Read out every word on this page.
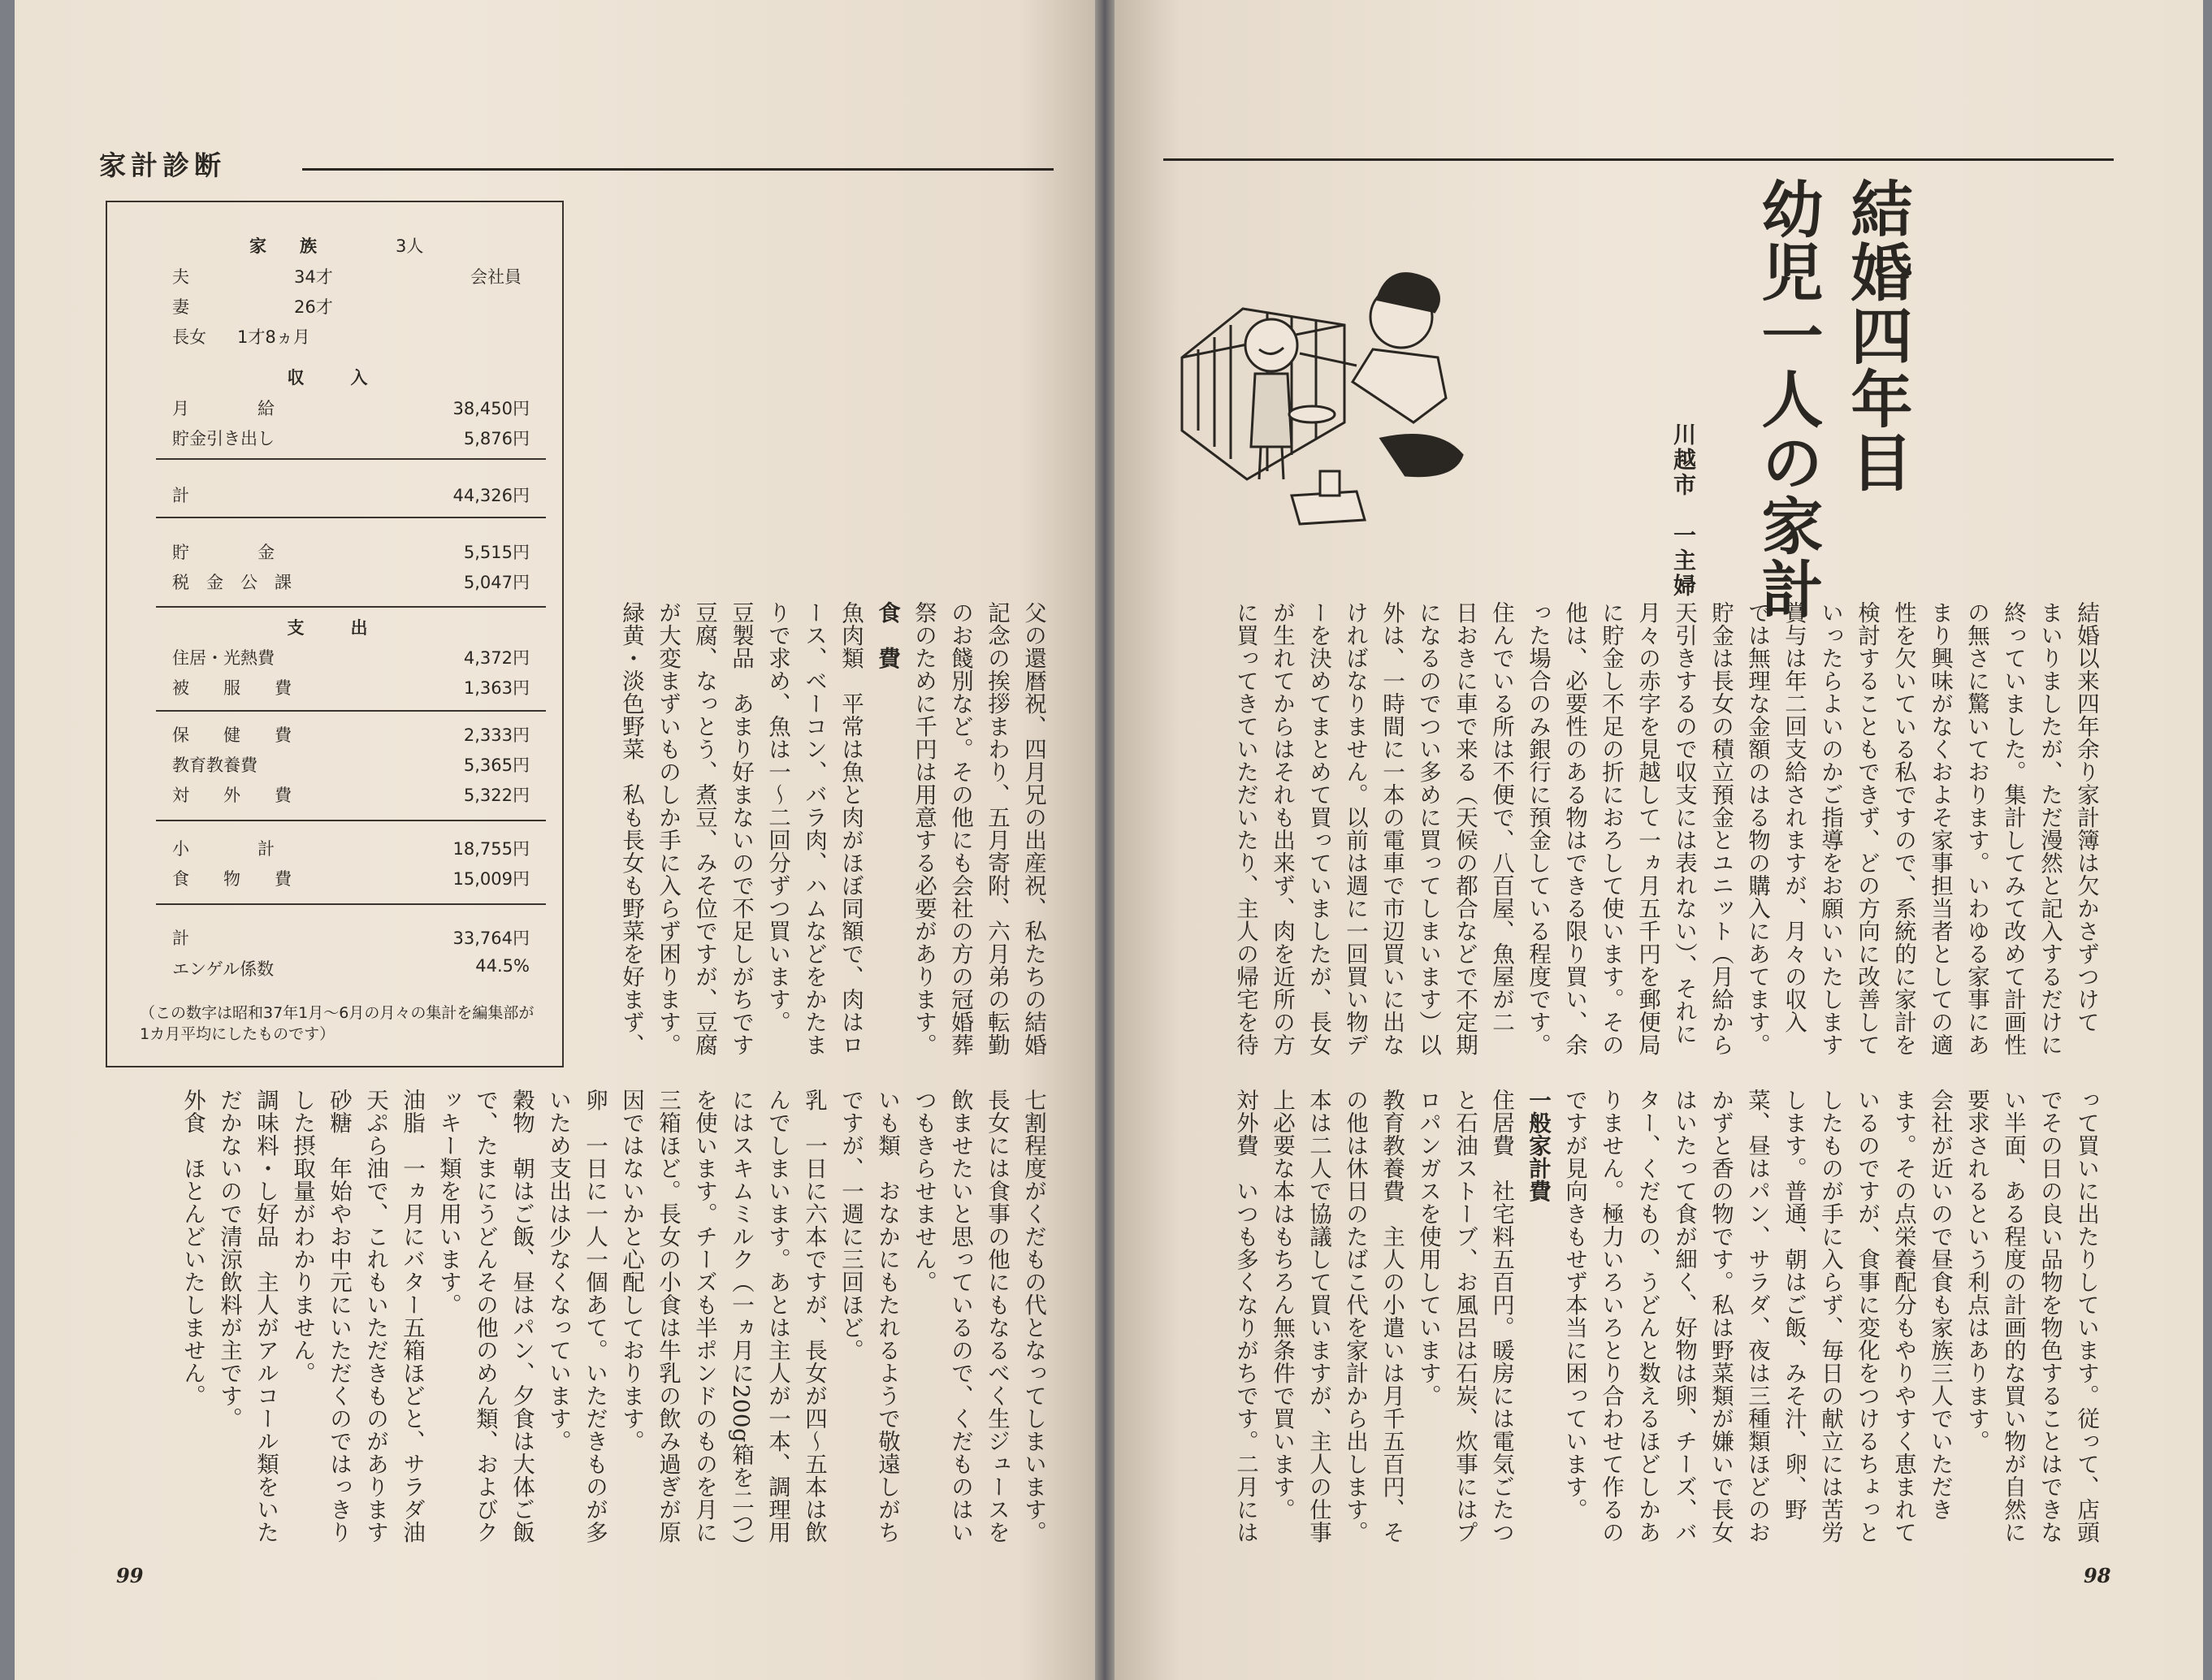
家計診断
家　族	3人
夫	34才	会社員
妻	26才
長女 1才8ヵ月
収　入
月　　　　給	38,450円
貯金引き出し	5,876円
計	44,326円
貯　　　　金	5,515円
税　金　公　課	5,047円
支　出
住居・光熱費	4,372円
被　　服　　費	1,363円
保　　健　　費	2,333円
教育教養費	5,365円
対　　外　　費	5,322円
小　　　　計	18,755円
食　　物　　費	15,009円
計	33,764円
エンゲル係数	44.5%
（この数字は昭和37年1月〜6月の月々の集計を編集部が1カ月平均にしたものです）	父の還暦祝、四月兄の出産祝、私たちの結婚
記念の挨拶まわり、五月寄附、六月弟の転勤
のお餞別など。その他にも会社の方の冠婚葬
祭のために千円は用意する必要があります。
食　費
魚肉類　平常は魚と肉がほぼ同額で、肉はロ
ース、ベーコン、バラ肉、ハムなどをかたま
りで求め、魚は一〜二回分ずつ買います。
豆製品　あまり好まないので不足しがちです
豆腐、なっとう、煮豆、みそ位ですが、豆腐
が大変まずいものしか手に入らず困ります。
緑黄・淡色野菜　私も長女も野菜を好まず、
七割程度がくだもの代となってしまいます。
長女には食事の他にもなるべく生ジュースを
飲ませたいと思っているので、くだものはい
つもきらせません。
いも類　おなかにもたれるようで敬遠しがち
ですが、一週に三回ほど。
乳　一日に六本ですが、長女が四〜五本は飲
んでしまいます。あとは主人が一本、調理用
にはスキムミルク（一ヵ月に200g箱を二つ）
を使います。チーズも半ポンドのものを月に
三箱ほど。長女の小食は牛乳の飲み過ぎが原
因ではないかと心配しております。
卵　一日に一人一個あて。いただきものが多
いため支出は少なくなっています。
穀物　朝はご飯、昼はパン、夕食は大体ご飯
で、たまにうどんその他のめん類、およびク
ッキー類を用います。
油脂　一ヵ月にバター五箱ほどと、サラダ油
天ぷら油で、これもいただきものがあります
砂糖　年始やお中元にいただくのではっきり
した摂取量がわかりません。
調味料・し好品　主人がアルコール類をいた
だかないので清涼飲料が主です。
外食　ほとんどいたしません。
99
結婚四年目
幼児一人の家計
川越市　一主婦
結婚以来四年余り家計簿は欠かさずつけて
まいりましたが、ただ漫然と記入するだけに
終っていました。集計してみて改めて計画性
の無さに驚いております。いわゆる家事にあ
まり興味がなくおよそ家事担当者としての適
性を欠いている私ですので、系統的に家計を
検討することもできず、どの方向に改善して
いったらよいのかご指導をお願いいたします
賞与は年二回支給されますが、月々の収入
では無理な金額のはる物の購入にあてます。
貯金は長女の積立預金とユニット（月給から
天引きするので収支には表れない）、それに
月々の赤字を見越して一ヵ月五千円を郵便局
に貯金し不足の折におろして使います。その
他は、必要性のある物はできる限り買い、余
った場合のみ銀行に預金している程度です。
住んでいる所は不便で、八百屋、魚屋が二
日おきに車で来る（天候の都合などで不定期
になるのでつい多めに買ってしまいます）以
外は、一時間に一本の電車で市辺買いに出な
ければなりません。以前は週に一回買い物デ
ーを決めてまとめて買っていましたが、長女
が生れてからはそれも出来ず、肉を近所の方
に買ってきていただいたり、主人の帰宅を待
って買いに出たりしています。従って、店頭
でその日の良い品物を物色することはできな
い半面、ある程度の計画的な買い物が自然に
要求されるという利点はあります。
会社が近いので昼食も家族三人でいただき
ます。その点栄養配分もやりやすく恵まれて
いるのですが、食事に変化をつけるちょっと
したものが手に入らず、毎日の献立には苦労
します。普通、朝はご飯、みそ汁、卵、野
菜、昼はパン、サラダ、夜は三種類ほどのお
かずと香の物です。私は野菜類が嫌いで長女
はいたって食が細く、好物は卵、チーズ、バ
ター、くだもの、うどんと数えるほどしかあ
りません。極力いろいろとり合わせて作るの
ですが見向きもせず本当に困っています。
一般家計費
住居費　社宅料五百円。暖房には電気ごたつ
と石油ストーブ、お風呂は石炭、炊事にはプ
ロパンガスを使用しています。
教育教養費　主人の小遣いは月千五百円、そ
の他は休日のたばこ代を家計から出します。
本は二人で協議して買いますが、主人の仕事
上必要な本はもちろん無条件で買います。
対外費　いつも多くなりがちです。二月には
98
